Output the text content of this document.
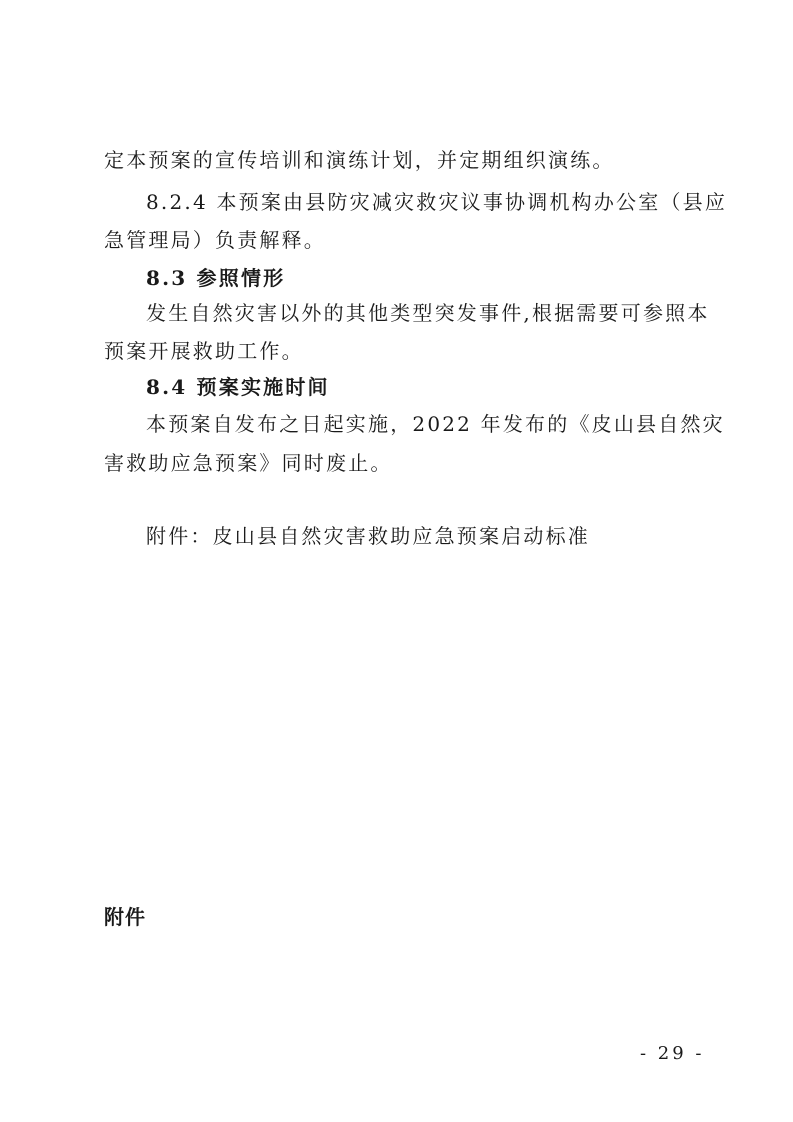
定本预案的宣传培训和演练计划，并定期组织演练。
8.2.4 本预案由县防灾减灾救灾议事协调机构办公室（县应
急管理局）负责解释。
8.3 参照情形
发生自然灾害以外的其他类型突发事件,根据需要可参照本
预案开展救助工作。
8.4 预案实施时间
本预案自发布之日起实施，2022 年发布的《皮山县自然灾
害救助应急预案》同时废止。
附件：皮山县自然灾害救助应急预案启动标准
附件
- 29 -
